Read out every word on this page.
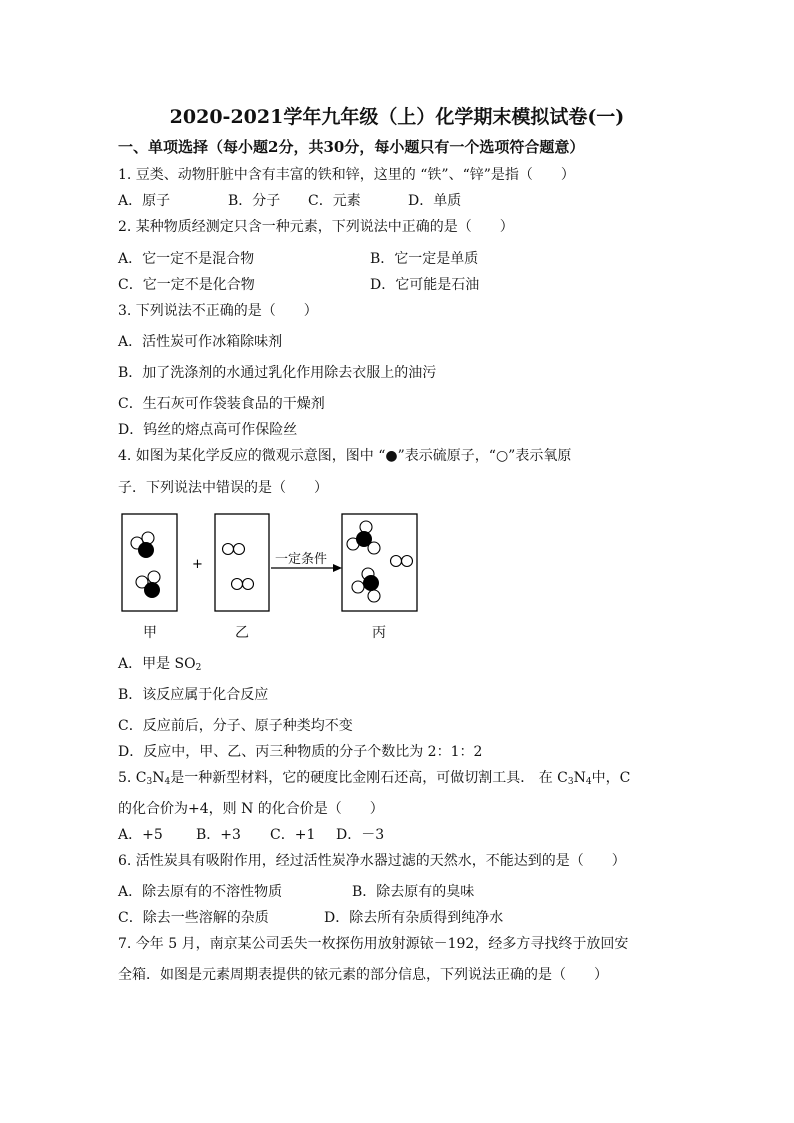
2020-2021学年九年级（上）化学期末模拟试卷(一)
一、单项选择（每小题2分，共30分，每小题只有一个选项符合题意）
1. 豆类、动物肝脏中含有丰富的铁和锌，这里的 “铁”、“锌”是指（　　）
A．原子	B．分子 C．元素	D．单质
2. 某种物质经测定只含一种元素，下列说法中正确的是（　　）
A．它一定不是混合物	B．它一定是单质
C．它一定不是化合物	D．它可能是石油
3. 下列说法不正确的是（　　）
A．活性炭可作冰箱除味剂
B．加了洗涤剂的水通过乳化作用除去衣服上的油污
C．生石灰可作袋装食品的干燥剂
D．钨丝的熔点高可作保险丝
4. 如图为某化学反应的微观示意图，图中 “●”表示硫原子，“○”表示氧原
子．下列说法中错误的是（　　）
+	一定条件
甲	乙	丙
A．甲是 $SO_2$
B．该反应属于化合反应
C．反应前后，分子、原子种类均不变
D．反应中，甲、乙、丙三种物质的分子个数比为 2：1：2
5. $C_3N_4$是一种新型材料，它的硬度比金刚石还高，可做切割工具． 在 $C_3N_4$中，C
的化合价为+4，则 N 的化合价是（　　）
A．+5 B．+3 C．+1 D．－3
6. 活性炭具有吸附作用，经过活性炭净水器过滤的天然水，不能达到的是（　　）
A．除去原有的不溶性物质	B．除去原有的臭味
C．除去一些溶解的杂质	D．除去所有杂质得到纯净水
7. 今年 5 月，南京某公司丢失一枚探伤用放射源铱－192，经多方寻找终于放回安
全箱．如图是元素周期表提供的铱元素的部分信息，下列说法正确的是（　　）
